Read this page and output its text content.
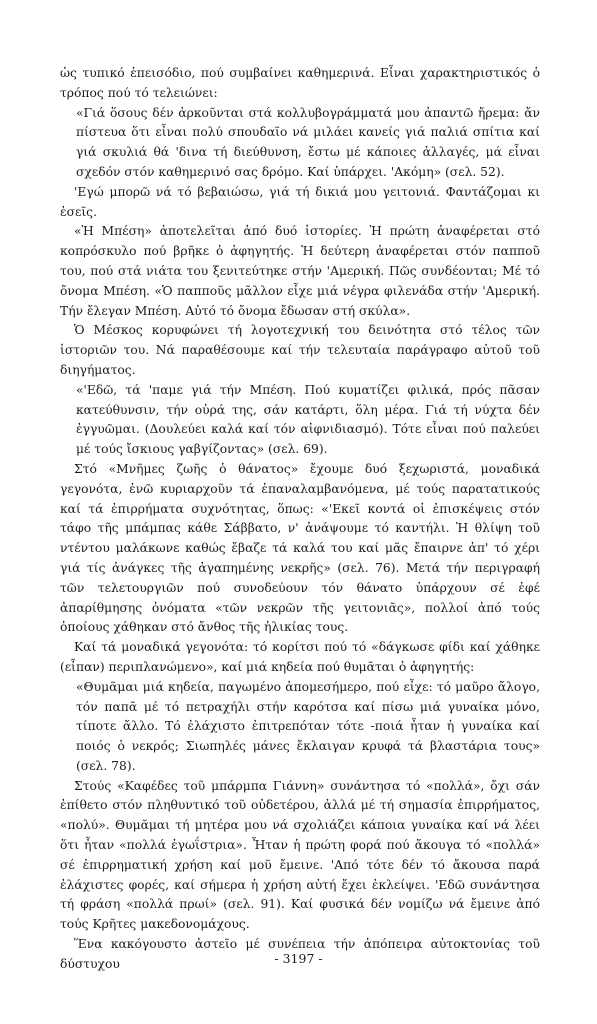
ὡς τυπικό ἐπεισόδιο, πού συμβαίνει καθημερινά. Εἶναι χαρακτηριστικός ὁ τρόπος πού τό τελειώνει:

«Γιά ὅσους δέν ἀρκοῦνται στά κολλυβογράμματά μου ἀπαντῶ ἤρεμα: ἄν πίστευα ὅτι εἶναι πολύ σπουδαῖο νά μιλάει κανείς γιά παλιά σπίτια καί γιά σκυλιά θά 'δινα τή διεύθυνση, ἔστω μέ κάποιες ἀλλαγές, μά εἶναι σχεδόν στόν καθημερινό σας δρόμο. Καί ὑπάρχει. 'Ακόμη» (σελ. 52).

'Εγώ μπορῶ νά τό βεβαιώσω, γιά τή δικιά μου γειτονιά. Φαντάζομαι κι ἐσεῖς.

«Ἡ Μπέση» ἀποτελεῖται ἀπό δυό ἱστορίες. Ἡ πρώτη ἀναφέρεται στό κοπρόσκυλο πού βρῆκε ὁ ἀφηγητής. Ἡ δεύτερη ἀναφέρεται στόν παπποῦ του, πού στά νιάτα του ξενιτεύτηκε στήν 'Αμερική. Πῶς συνδέονται; Μέ τό ὄνομα Μπέση. «Ὁ παπποῦς μᾶλλον εἶχε μιά νέγρα φιλενάδα στήν 'Αμερική. Τήν ἔλεγαν Μπέση. Αὐτό τό ὄνομα ἔδωσαν στή σκύλα».

Ὁ Μέσκος κορυφώνει τή λογοτεχνική του δεινότητα στό τέλος τῶν ἱστοριῶν του. Νά παραθέσουμε καί τήν τελευταία παράγραφο αὐτοῦ τοῦ διηγήματος.

«'Εδῶ, τά 'παμε γιά τήν Μπέση. Πού κυματίζει φιλικά, πρός πᾶσαν κατεύθυνσιν, τήν οὐρά της, σάν κατάρτι, ὅλη μέρα. Γιά τή νύχτα δέν ἐγγυῶμαι. (Δουλεύει καλά καί τόν αἰφνιδιασμό). Τότε εἶναι πού παλεύει μέ τούς ἴσκιους γαβγίζοντας» (σελ. 69).

Στό «Μνῆμες ζωῆς ὁ θάνατος» ἔχουμε δυό ξεχωριστά, μοναδικά γεγονότα, ἐνῶ κυριαρχοῦν τά ἐπαναλαμβανόμενα, μέ τούς παρατατικούς καί τά ἐπιρρήματα συχνότητας, ὅπως: «'Εκεῖ κοντά οἱ ἐπισκέψεις στόν τάφο τῆς μπάμπας κάθε Σάββατο, ν' ἀνάψουμε τό καντήλι. Ἡ θλίψη τοῦ ντέντου μαλάκωνε καθώς ἔβαζε τά καλά του καί μᾶς ἔπαιρνε ἀπ' τό χέρι γιά τίς ἀνάγκες τῆς ἀγαπημένης νεκρῆς» (σελ. 76). Μετά τήν περιγραφή τῶν τελετουργιῶν πού συνοδεύουν τόν θάνατο ὑπάρχουν σέ ἐφέ ἀπαρίθμησης ὀνόματα «τῶν νεκρῶν τῆς γειτονιᾶς», πολλοί ἀπό τούς ὁποίους χάθηκαν στό ἄνθος τῆς ἡλικίας τους.

Καί τά μοναδικά γεγονότα: τό κορίτσι πού τό «δάγκωσε φίδι καί χάθηκε (εἶπαν) περιπλανώμενο», καί μιά κηδεία πού θυμᾶται ὁ ἀφηγητής:

«Θυμᾶμαι μιά κηδεία, παγωμένο ἀπομεσήμερο, πού εἶχε: τό μαῦρο ἄλογο, τόν παπᾶ μέ τό πετραχήλι στήν καρότσα καί πίσω μιά γυναίκα μόνο, τίποτε ἄλλο. Τό ἐλάχιστο ἐπιτρεπόταν τότε -ποιά ἦταν ἡ γυναίκα καί ποιός ὁ νεκρός; Σιωπηλές μάνες ἔκλαιγαν κρυφά τά βλαστάρια τους» (σελ. 78).

Στούς «Καφέδες τοῦ μπάρμπα Γιάννη» συνάντησα τό «πολλά», ὄχι σάν ἐπίθετο στόν πληθυντικό τοῦ οὐδετέρου, ἀλλά μέ τή σημασία ἐπιρρήματος, «πολύ». Θυμᾶμαι τή μητέρα μου νά σχολιάζει κάποια γυναίκα καί νά λέει ὅτι ἦταν «πολλά ἐγωΐστρια». Ἦταν ἡ πρώτη φορά πού ἄκουγα τό «πολλά» σέ ἐπιρρηματική χρήση καί μοῦ ἔμεινε. 'Από τότε δέν τό ἄκουσα παρά ἐλάχιστες φορές, καί σήμερα ἡ χρήση αὐτή ἔχει ἐκλείψει. 'Εδῶ συνάντησα τή φράση «πολλά πρωί» (σελ. 91). Καί φυσικά δέν νομίζω νά ἔμεινε ἀπό τούς Κρῆτες μακεδονομάχους.

Ἕνα κακόγουστο ἀστεῖο μέ συνέπεια τήν ἀπόπειρα αὐτοκτονίας τοῦ δύστυχου	- 3197 -
